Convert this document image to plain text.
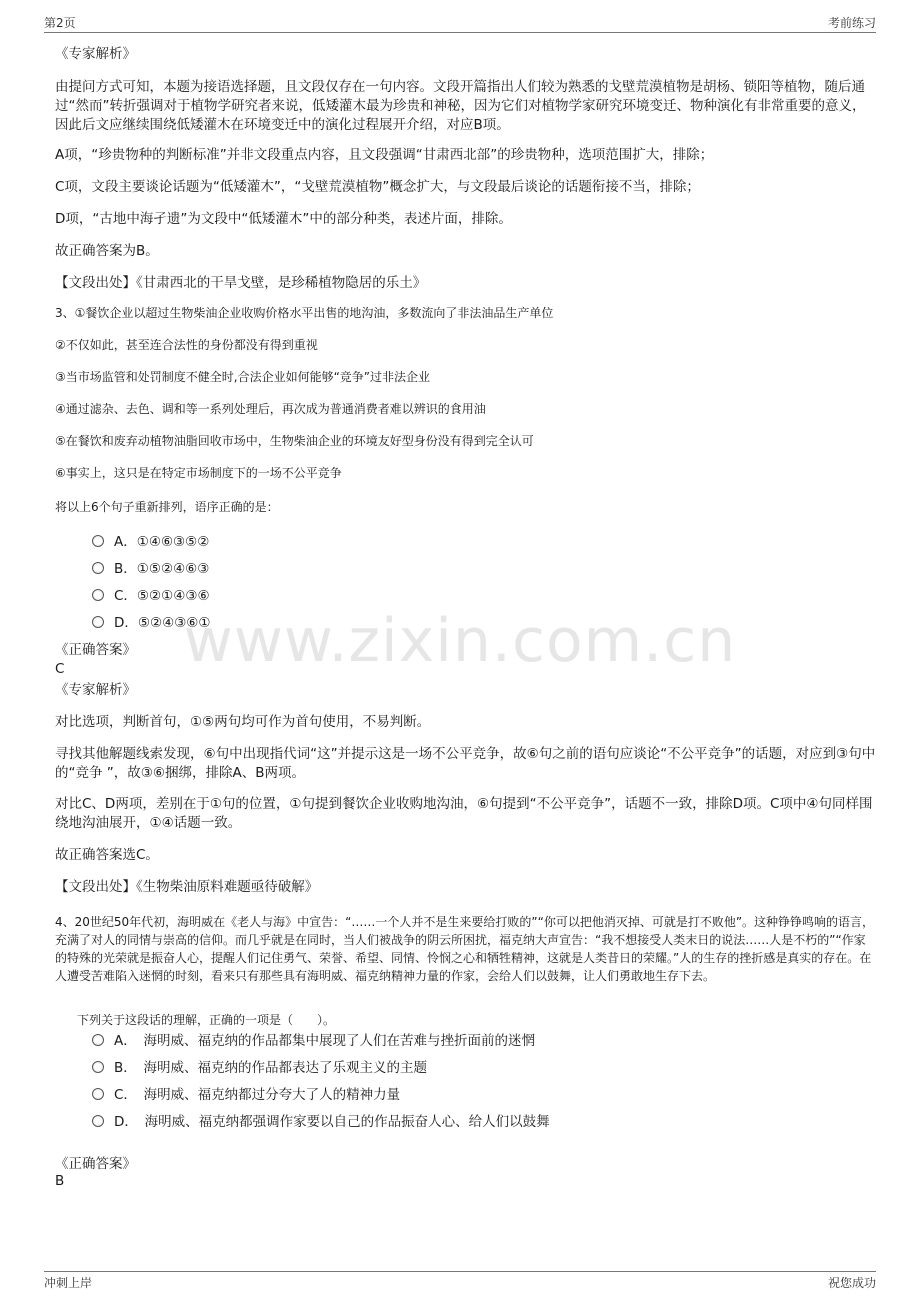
第2页	考前练习
www.zixin.com.cn
《专家解析》
由提问方式可知，本题为接语选择题，且文段仅存在一句内容。文段开篇指出人们较为熟悉的戈壁荒漠植物是胡杨、锁阳等植物，随后通过“然而”转折强调对于植物学研究者来说，低矮灌木最为珍贵和神秘，因为它们对植物学家研究环境变迁、物种演化有非常重要的意义，因此后文应继续围绕低矮灌木在环境变迁中的演化过程展开介绍，对应B项。
A项，“珍贵物种的判断标准”并非文段重点内容，且文段强调“甘肃西北部”的珍贵物种，选项范围扩大，排除；
C项，文段主要谈论话题为“低矮灌木”，“戈壁荒漠植物”概念扩大，与文段最后谈论的话题衔接不当，排除；
D项，“古地中海孑遗”为文段中“低矮灌木”中的部分种类，表述片面，排除。
故正确答案为B。
【文段出处】《甘肃西北的干旱戈壁，是珍稀植物隐居的乐土》
3、①餐饮企业以超过生物柴油企业收购价格水平出售的地沟油，多数流向了非法油品生产单位
②不仅如此，甚至连合法性的身份都没有得到重视
③当市场监管和处罚制度不健全时,合法企业如何能够“竞争”过非法企业
④通过滤杂、去色、调和等一系列处理后，再次成为普通消费者难以辨识的食用油
⑤在餐饮和废弃动植物油脂回收市场中，生物柴油企业的环境友好型身份没有得到完全认可
⑥事实上，这只是在特定市场制度下的一场不公平竞争
将以上6个句子重新排列，语序正确的是：
A．①④⑥③⑤②
B．①⑤②④⑥③
C．⑤②①④③⑥
D．⑤②④③⑥①
《正确答案》
C
《专家解析》
对比选项，判断首句，①⑤两句均可作为首句使用，不易判断。
寻找其他解题线索发现，⑥句中出现指代词“这”并提示这是一场不公平竞争，故⑥句之前的语句应谈论“不公平竞争”的话题，对应到③句中的“竞争 ”，故③⑥捆绑，排除A、B两项。
对比C、D两项，差别在于①句的位置，①句提到餐饮企业收购地沟油，⑥句提到“不公平竞争”，话题不一致，排除D项。C项中④句同样围绕地沟油展开，①④话题一致。
故正确答案选C。
【文段出处】《生物柴油原料难题亟待破解》
4、20世纪50年代初，海明威在《老人与海》中宣告：“……一个人并不是生来要给打败的”“你可以把他消灭掉、可就是打不败他”。这种铮铮鸣响的语言，充满了对人的同情与崇高的信仰。而几乎就是在同时，当人们被战争的阴云所困扰，福克纳大声宣告：“我不想接受人类末日的说法……人是不朽的”“作家的特殊的光荣就是振奋人心，提醒人们记住勇气、荣誉、希望、同情、怜悯之心和牺牲精神，这就是人类昔日的荣耀。”人的生存的挫折感是真实的存在。在人遭受苦难陷入迷惘的时刻，看来只有那些具有海明威、福克纳精神力量的作家，会给人们以鼓舞，让人们勇敢地生存下去。
下列关于这段话的理解，正确的一项是（　　）。
A．　海明威、福克纳的作品都集中展现了人们在苦难与挫折面前的迷惘
B．　海明威、福克纳的作品都表达了乐观主义的主题
C．　海明威、福克纳都过分夸大了人的精神力量
D．　海明威、福克纳都强调作家要以自己的作品振奋人心、给人们以鼓舞
《正确答案》
B
冲刺上岸	祝您成功
